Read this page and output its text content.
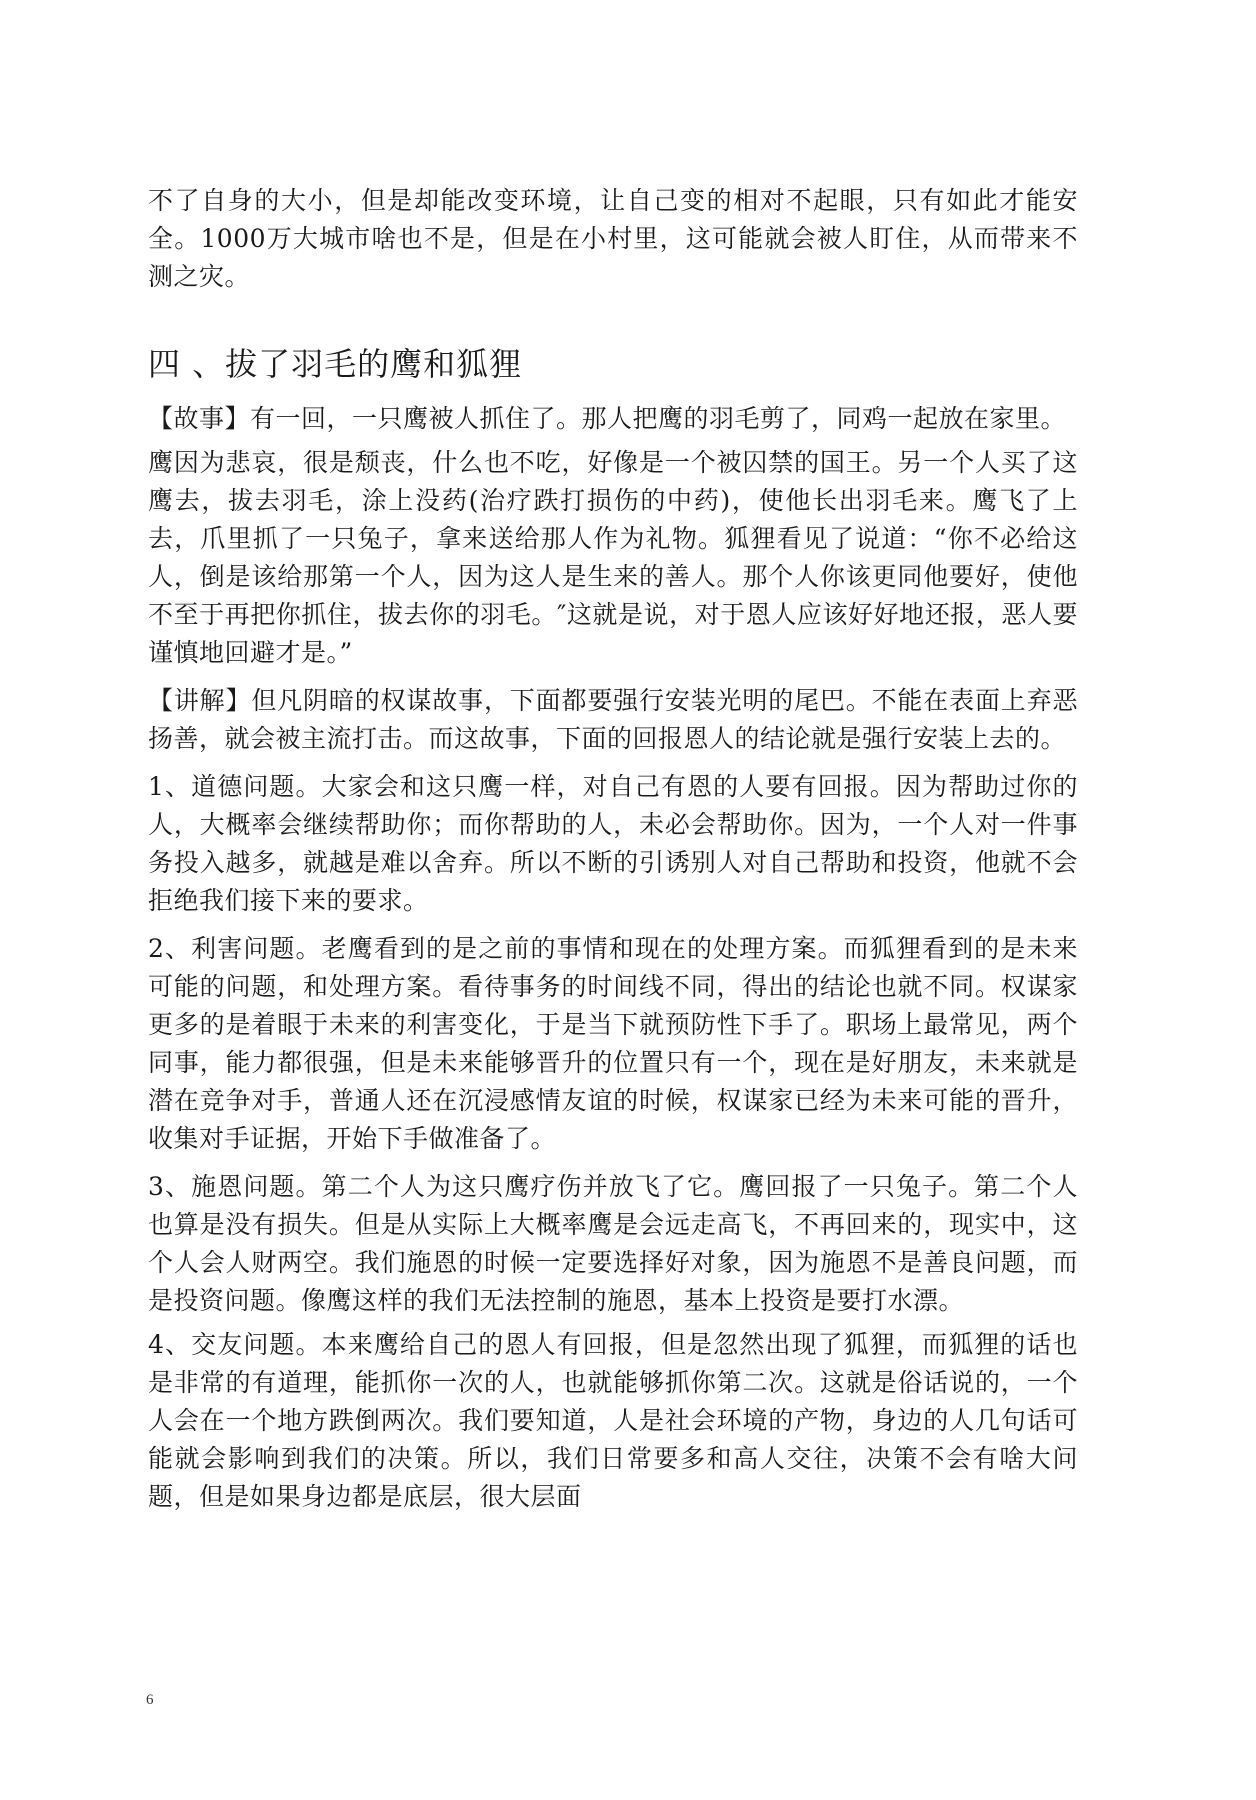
不了自身的大小，但是却能改变环境，让自己变的相对不起眼，只有如此才能安全。1000万大城市啥也不是，但是在小村里，这可能就会被人盯住，从而带来不测之灾。

四 、拔了羽毛的鹰和狐狸

【故事】有一回，一只鹰被人抓住了。那人把鹰的羽毛剪了，同鸡一起放在家里。

鹰因为悲哀，很是颓丧，什么也不吃，好像是一个被囚禁的国王。另一个人买了这鹰去，拔去羽毛，涂上没药(治疗跌打损伤的中药)，使他长出羽毛来。鹰飞了上去，爪里抓了一只兔子，拿来送给那人作为礼物。狐狸看见了说道：“你不必给这人，倒是该给那第一个人，因为这人是生来的善人。那个人你该更同他要好，使他不至于再把你抓住，拔去你的羽毛。″这就是说，对于恩人应该好好地还报，恶人要谨慎地回避才是。”

【讲解】但凡阴暗的权谋故事，下面都要强行安装光明的尾巴。不能在表面上弃恶扬善，就会被主流打击。而这故事，下面的回报恩人的结论就是强行安装上去的。

1、道德问题。大家会和这只鹰一样，对自己有恩的人要有回报。因为帮助过你的人，大概率会继续帮助你；而你帮助的人，未必会帮助你。因为，一个人对一件事务投入越多，就越是难以舍弃。所以不断的引诱别人对自己帮助和投资，他就不会拒绝我们接下来的要求。

2、利害问题。老鹰看到的是之前的事情和现在的处理方案。而狐狸看到的是未来可能的问题，和处理方案。看待事务的时间线不同，得出的结论也就不同。权谋家更多的是着眼于未来的利害变化，于是当下就预防性下手了。职场上最常见，两个同事，能力都很强，但是未来能够晋升的位置只有一个，现在是好朋友，未来就是潜在竞争对手，普通人还在沉浸感情友谊的时候，权谋家已经为未来可能的晋升，收集对手证据，开始下手做准备了。

3、施恩问题。第二个人为这只鹰疗伤并放飞了它。鹰回报了一只兔子。第二个人也算是没有损失。但是从实际上大概率鹰是会远走高飞，不再回来的，现实中，这个人会人财两空。我们施恩的时候一定要选择好对象，因为施恩不是善良问题，而是投资问题。像鹰这样的我们无法控制的施恩，基本上投资是要打水漂。

4、交友问题。本来鹰给自己的恩人有回报，但是忽然出现了狐狸，而狐狸的话也是非常的有道理，能抓你一次的人，也就能够抓你第二次。这就是俗话说的，一个人会在一个地方跌倒两次。我们要知道，人是社会环境的产物，身边的人几句话可能就会影响到我们的决策。所以，我们日常要多和高人交往，决策不会有啥大问题，但是如果身边都是底层，很大层面

6
